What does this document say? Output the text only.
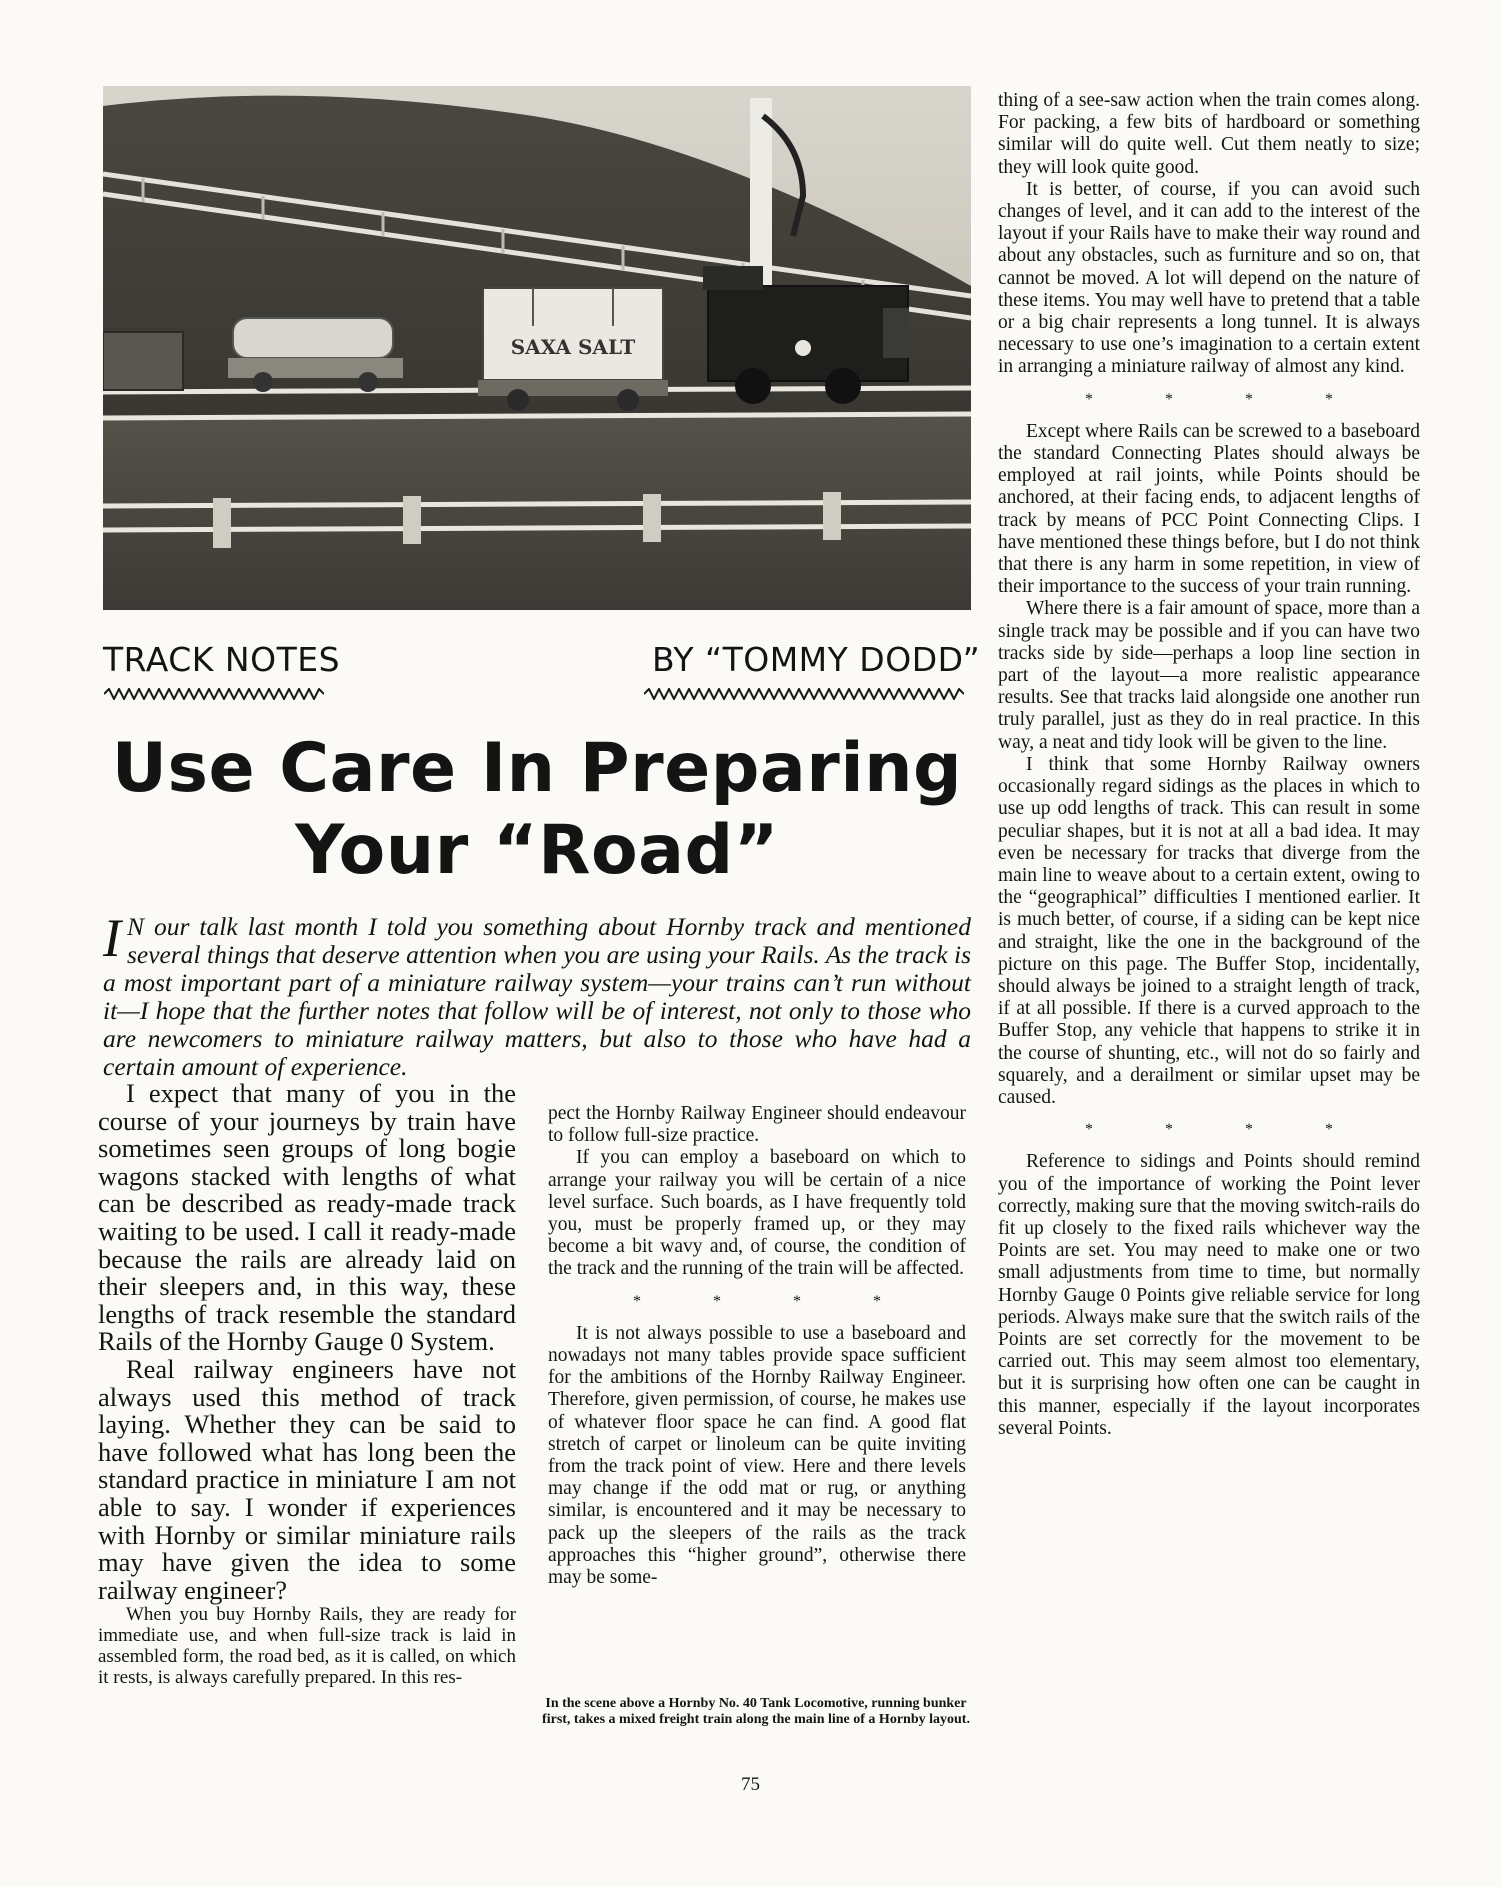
SAXA SALT

TRACK NOTES	BY “TOMMY DODD”

Use Care In Preparing
Your “Road”

I N our talk last month I told you something about Hornby track and mentioned several things that deserve attention when you are using your Rails. As the track is a most important part of a miniature railway system—your trains can’t run without it—I hope that the further notes that follow will be of interest, not only to those who are newcomers to miniature railway matters, but also to those who have had a certain amount of experience.

I expect that many of you in the course of your journeys by train have sometimes seen groups of long bogie wagons stacked with lengths of what can be described as ready-made track waiting to be used. I call it ready-made because the rails are already laid on their sleepers and, in this way, these lengths of track resemble the standard Rails of the Hornby Gauge 0 System.

Real railway engineers have not always used this method of track laying. Whether they can be said to have followed what has long been the standard practice in miniature I am not able to say. I wonder if experiences with Hornby or similar miniature rails may have given the idea to some railway engineer?

When you buy Hornby Rails, they are ready for immediate use, and when full-size track is laid in assembled form, the road bed, as it is called, on which it rests, is always carefully prepared. In this res-

pect the Hornby Railway Engineer should endeavour to follow full-size practice.

If you can employ a baseboard on which to arrange your railway you will be certain of a nice level surface. Such boards, as I have frequently told you, must be properly framed up, or they may become a bit wavy and, of course, the condition of the track and the running of the train will be affected.

* * * *

It is not always possible to use a baseboard and nowadays not many tables provide space sufficient for the ambitions of the Hornby Railway Engineer. Therefore, given permission, of course, he makes use of whatever floor space he can find. A good flat stretch of carpet or linoleum can be quite inviting from the track point of view. Here and there levels may change if the odd mat or rug, or anything similar, is encountered and it may be necessary to pack up the sleepers of the rails as the track approaches this “higher ground”, otherwise there may be some-

In the scene above a Hornby No. 40 Tank Locomotive, running bunker first, takes a mixed freight train along the main line of a Hornby layout.

thing of a see-saw action when the train comes along. For packing, a few bits of hardboard or something similar will do quite well. Cut them neatly to size; they will look quite good.

It is better, of course, if you can avoid such changes of level, and it can add to the interest of the layout if your Rails have to make their way round and about any obstacles, such as furniture and so on, that cannot be moved. A lot will depend on the nature of these items. You may well have to pretend that a table or a big chair represents a long tunnel. It is always necessary to use one’s imagination to a certain extent in arranging a miniature railway of almost any kind.

* * * *

Except where Rails can be screwed to a baseboard the standard Connecting Plates should always be employed at rail joints, while Points should be anchored, at their facing ends, to adjacent lengths of track by means of PCC Point Connecting Clips. I have mentioned these things before, but I do not think that there is any harm in some repetition, in view of their importance to the success of your train running.

Where there is a fair amount of space, more than a single track may be possible and if you can have two tracks side by side—perhaps a loop line section in part of the layout—a more realistic appearance results. See that tracks laid alongside one another run truly parallel, just as they do in real practice. In this way, a neat and tidy look will be given to the line.

I think that some Hornby Railway owners occasionally regard sidings as the places in which to use up odd lengths of track. This can result in some peculiar shapes, but it is not at all a bad idea. It may even be necessary for tracks that diverge from the main line to weave about to a certain extent, owing to the “geographical” difficulties I mentioned earlier. It is much better, of course, if a siding can be kept nice and straight, like the one in the background of the picture on this page. The Buffer Stop, incidentally, should always be joined to a straight length of track, if at all possible. If there is a curved approach to the Buffer Stop, any vehicle that happens to strike it in the course of shunting, etc., will not do so fairly and squarely, and a derailment or similar upset may be caused.

* * * *

Reference to sidings and Points should remind you of the importance of working the Point lever correctly, making sure that the moving switch-rails do fit up closely to the fixed rails whichever way the Points are set. You may need to make one or two small adjustments from time to time, but normally Hornby Gauge 0 Points give reliable service for long periods. Always make sure that the switch rails of the Points are set correctly for the movement to be carried out. This may seem almost too elementary, but it is surprising how often one can be caught in this manner, especially if the layout incorporates several Points.

75
